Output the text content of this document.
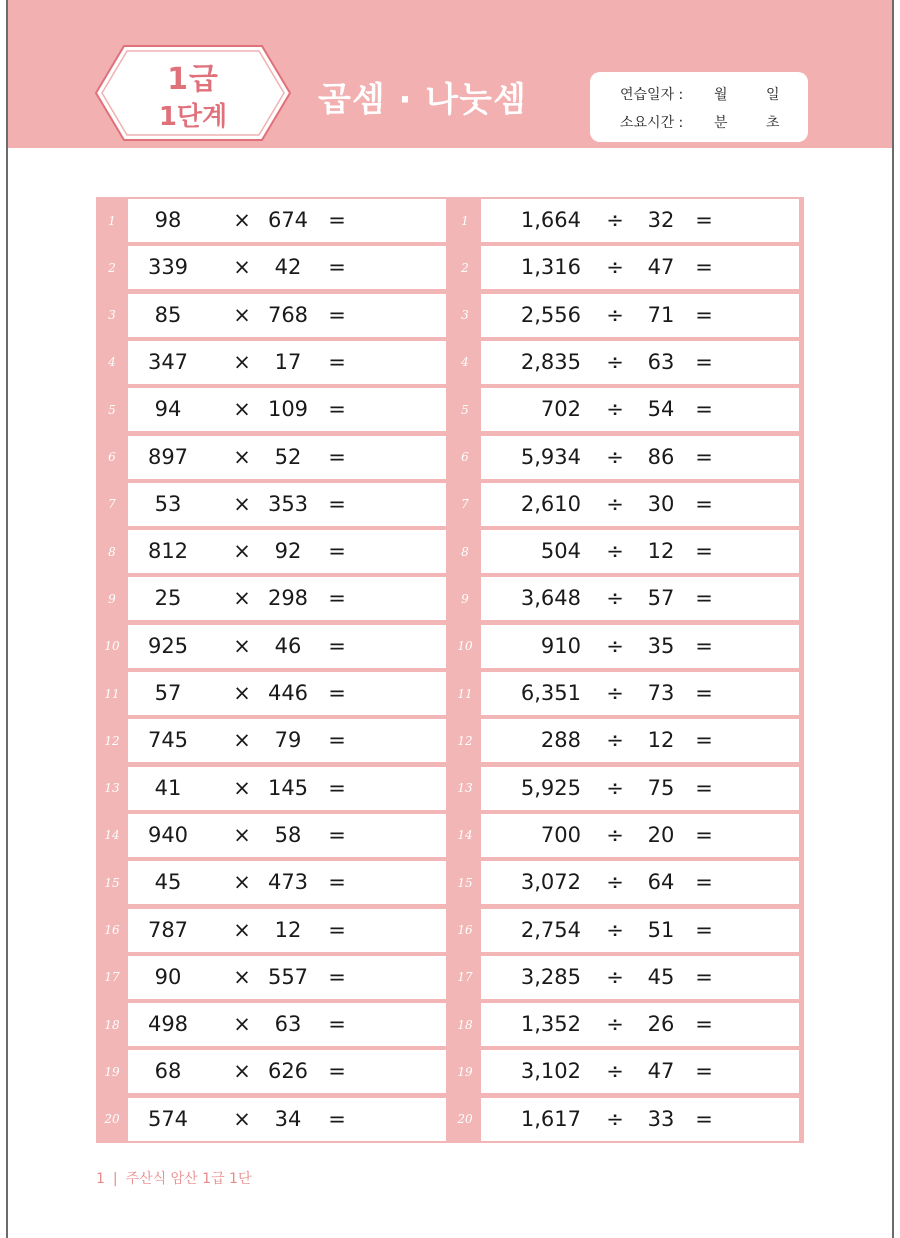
1급
1단계	곱셈 · 나눗셈	연습일자 : 월	일
소요시간 : 분	초
1	98	× 674 =
2	339	×	42	=
3	85	× 768 =
4	347	×	17	=
5	94	× 109 =
6	897	×	52	=
7	53	× 353 =
8	812	×	92	=
9	25	× 298 =
10	925	×	46	=
11	57	× 446 =
12	745	×	79	=
13	41	× 145 =
14	940	×	58	=
15	45	× 473 =
16	787	×	12	=
17	90	× 557 =
18	498	×	63	=
19	68	× 626 =
20	574	×	34	=
1	1,664 ÷	32 =
2	1,316 ÷	47 =
3	2,556 ÷	71 =
4	2,835 ÷	63 =
5	702 ÷	54 =
6	5,934 ÷	86 =
7	2,610 ÷	30 =
8	504 ÷	12 =
9	3,648 ÷	57 =
10	910 ÷	35 =
11	6,351 ÷	73 =
12	288 ÷	12 =
13	5,925 ÷	75 =
14	700 ÷	20 =
15	3,072 ÷	64 =
16	2,754 ÷	51 =
17	3,285 ÷	45 =
18	1,352 ÷	26 =
19	3,102 ÷	47 =
20	1,617 ÷	33 =
1 | 주산식 암산 1급 1단
